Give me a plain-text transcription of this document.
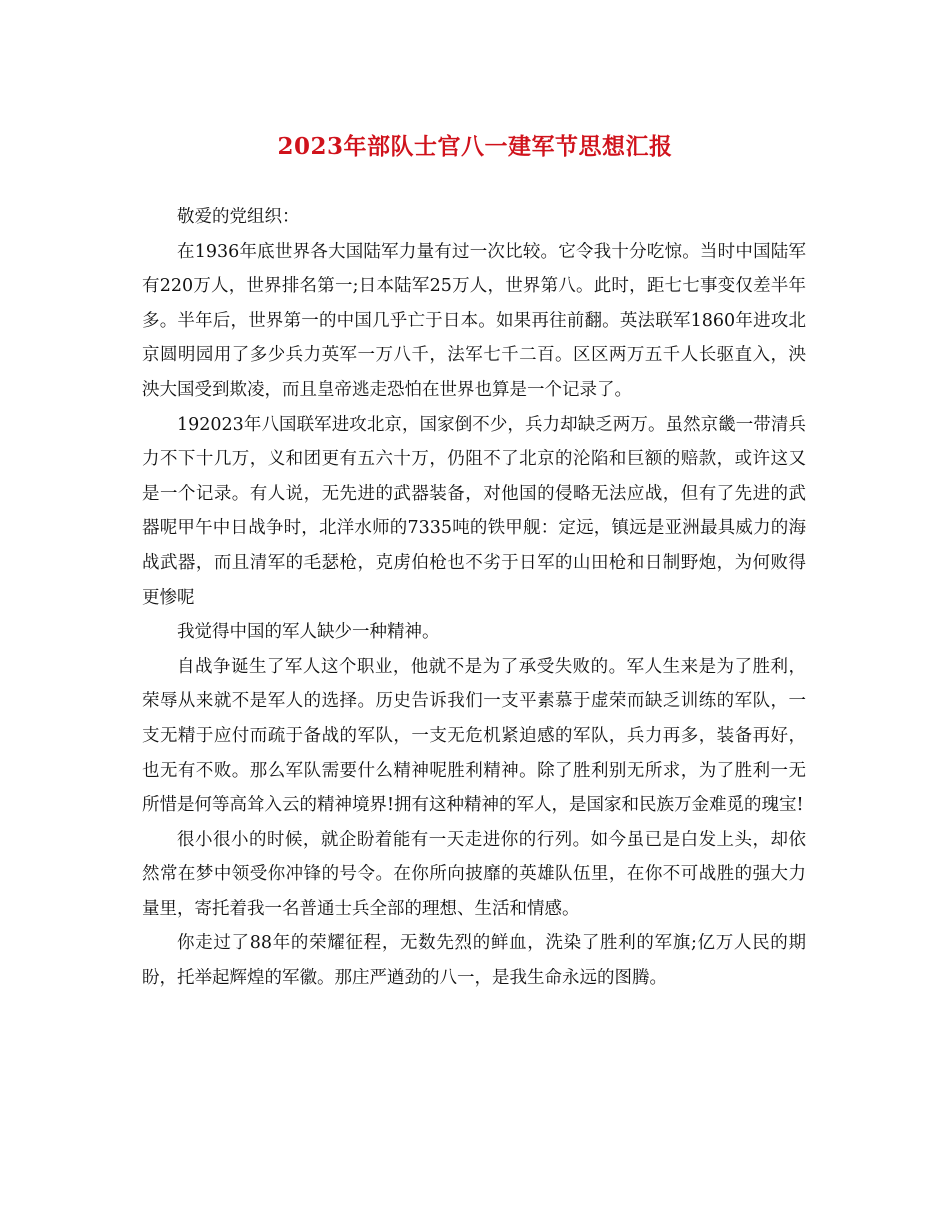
2023年部队士官八一建军节思想汇报

敬爱的党组织：

在1936年底世界各大国陆军力量有过一次比较。它令我十分吃惊。当时中国陆军有220万人，世界排名第一;日本陆军25万人，世界第八。此时，距七七事变仅差半年多。半年后，世界第一的中国几乎亡于日本。如果再往前翻。英法联军1860年进攻北京圆明园用了多少兵力英军一万八千，法军七千二百。区区两万五千人长驱直入，泱泱大国受到欺凌，而且皇帝逃走恐怕在世界也算是一个记录了。

192023年八国联军进攻北京，国家倒不少，兵力却缺乏两万。虽然京畿一带清兵力不下十几万，义和团更有五六十万，仍阻不了北京的沦陷和巨额的赔款，或许这又是一个记录。有人说，无先进的武器装备，对他国的侵略无法应战，但有了先进的武器呢甲午中日战争时，北洋水师的7335吨的铁甲舰：定远，镇远是亚洲最具威力的海战武器，而且清军的毛瑟枪，克虏伯枪也不劣于日军的山田枪和日制野炮，为何败得更惨呢

我觉得中国的军人缺少一种精神。

自战争诞生了军人这个职业，他就不是为了承受失败的。军人生来是为了胜利，荣辱从来就不是军人的选择。历史告诉我们一支平素慕于虚荣而缺乏训练的军队，一支无精于应付而疏于备战的军队，一支无危机紧迫感的军队，兵力再多，装备再好，也无有不败。那么军队需要什么精神呢胜利精神。除了胜利别无所求，为了胜利一无所惜是何等高耸入云的精神境界!拥有这种精神的军人，是国家和民族万金难觅的瑰宝!

很小很小的时候，就企盼着能有一天走进你的行列。如今虽已是白发上头，却依然常在梦中领受你冲锋的号令。在你所向披靡的英雄队伍里，在你不可战胜的强大力量里，寄托着我一名普通士兵全部的理想、生活和情感。

你走过了88年的荣耀征程，无数先烈的鲜血，洗染了胜利的军旗;亿万人民的期盼，托举起辉煌的军徽。那庄严遒劲的八一，是我生命永远的图腾。
